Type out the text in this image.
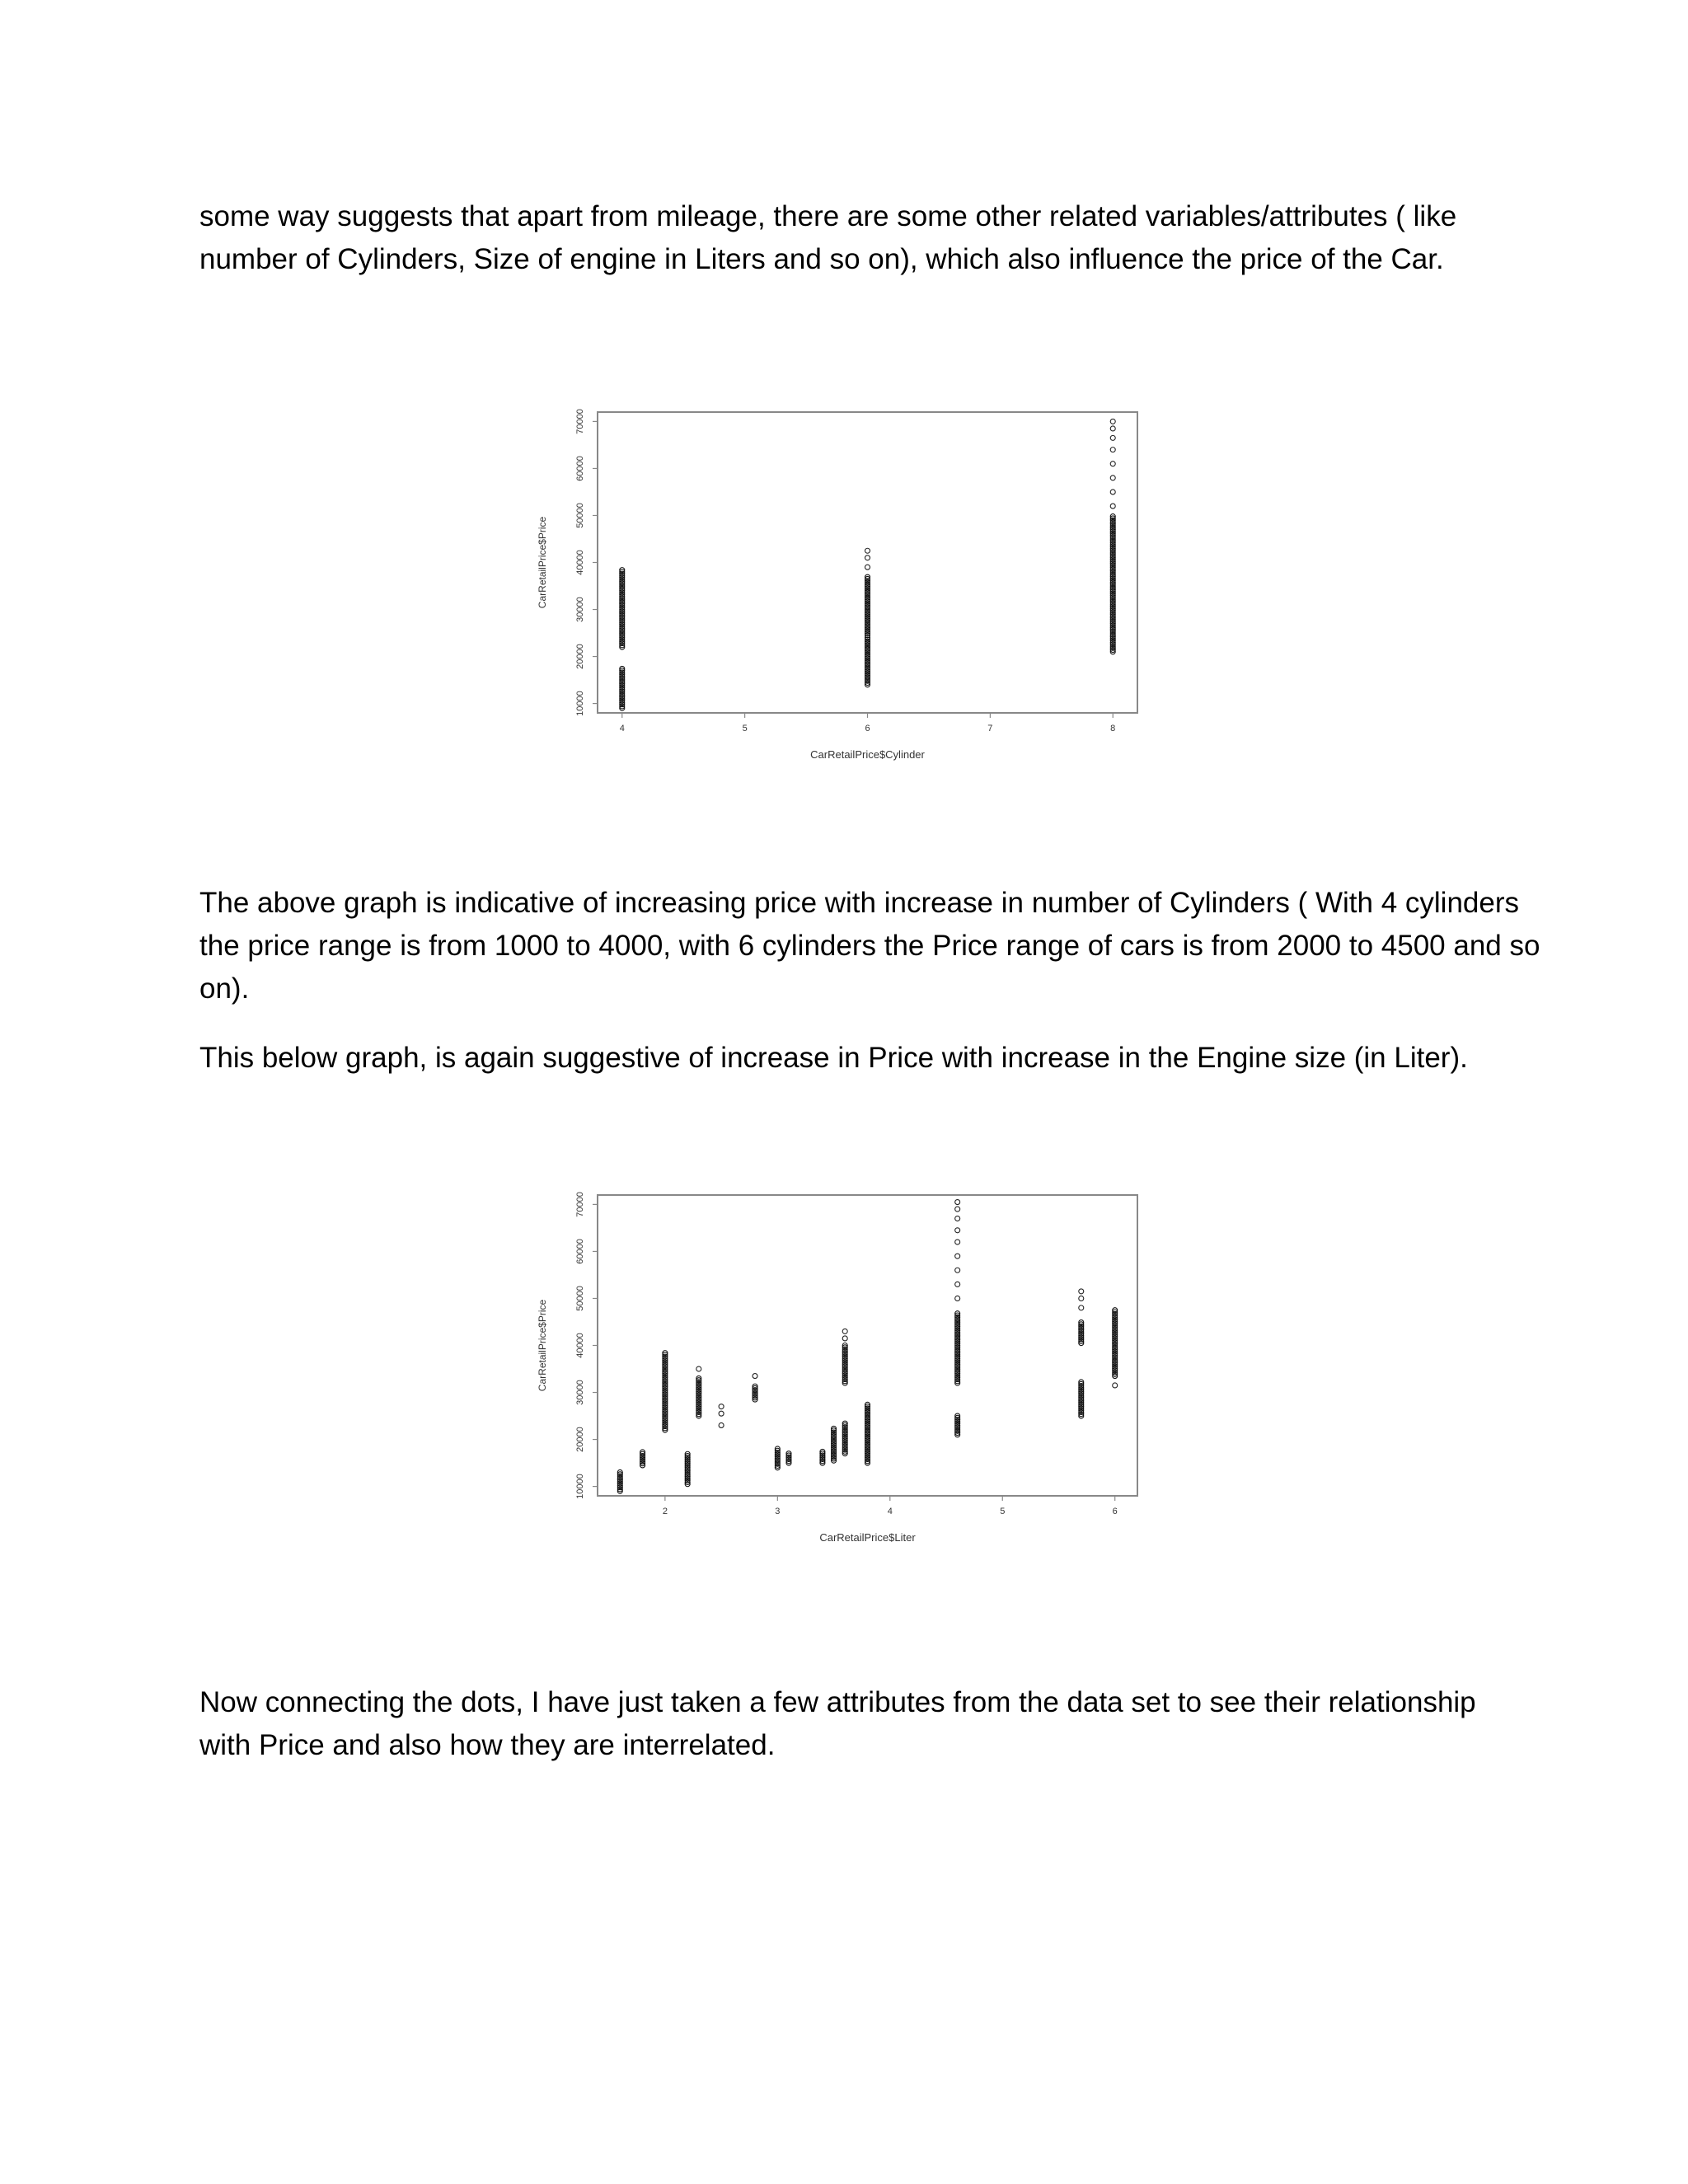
some way suggests that apart from mileage, there are some other related variables/attributes ( like
number of Cylinders, Size of engine in Liters and so on), which also influence the price of the Car.
4	5	6	7	8
10000
20000
30000
40000
50000
60000
70000
CarRetailPrice$Cylinder
CarRetailPrice$Price
The above graph is indicative of increasing price with increase in number of Cylinders ( With 4 cylinders
the price range is from 1000 to 4000, with 6 cylinders the Price range of cars is from 2000 to 4500 and so
on).
This below graph, is again suggestive of increase in Price with increase in the Engine size (in Liter).
2	3	4	5	6
10000
20000
30000
40000
50000
60000
70000
CarRetailPrice$Liter
CarRetailPrice$Price
Now connecting the dots, I have just taken a few attributes from the data set to see their relationship
with Price and also how they are interrelated.
